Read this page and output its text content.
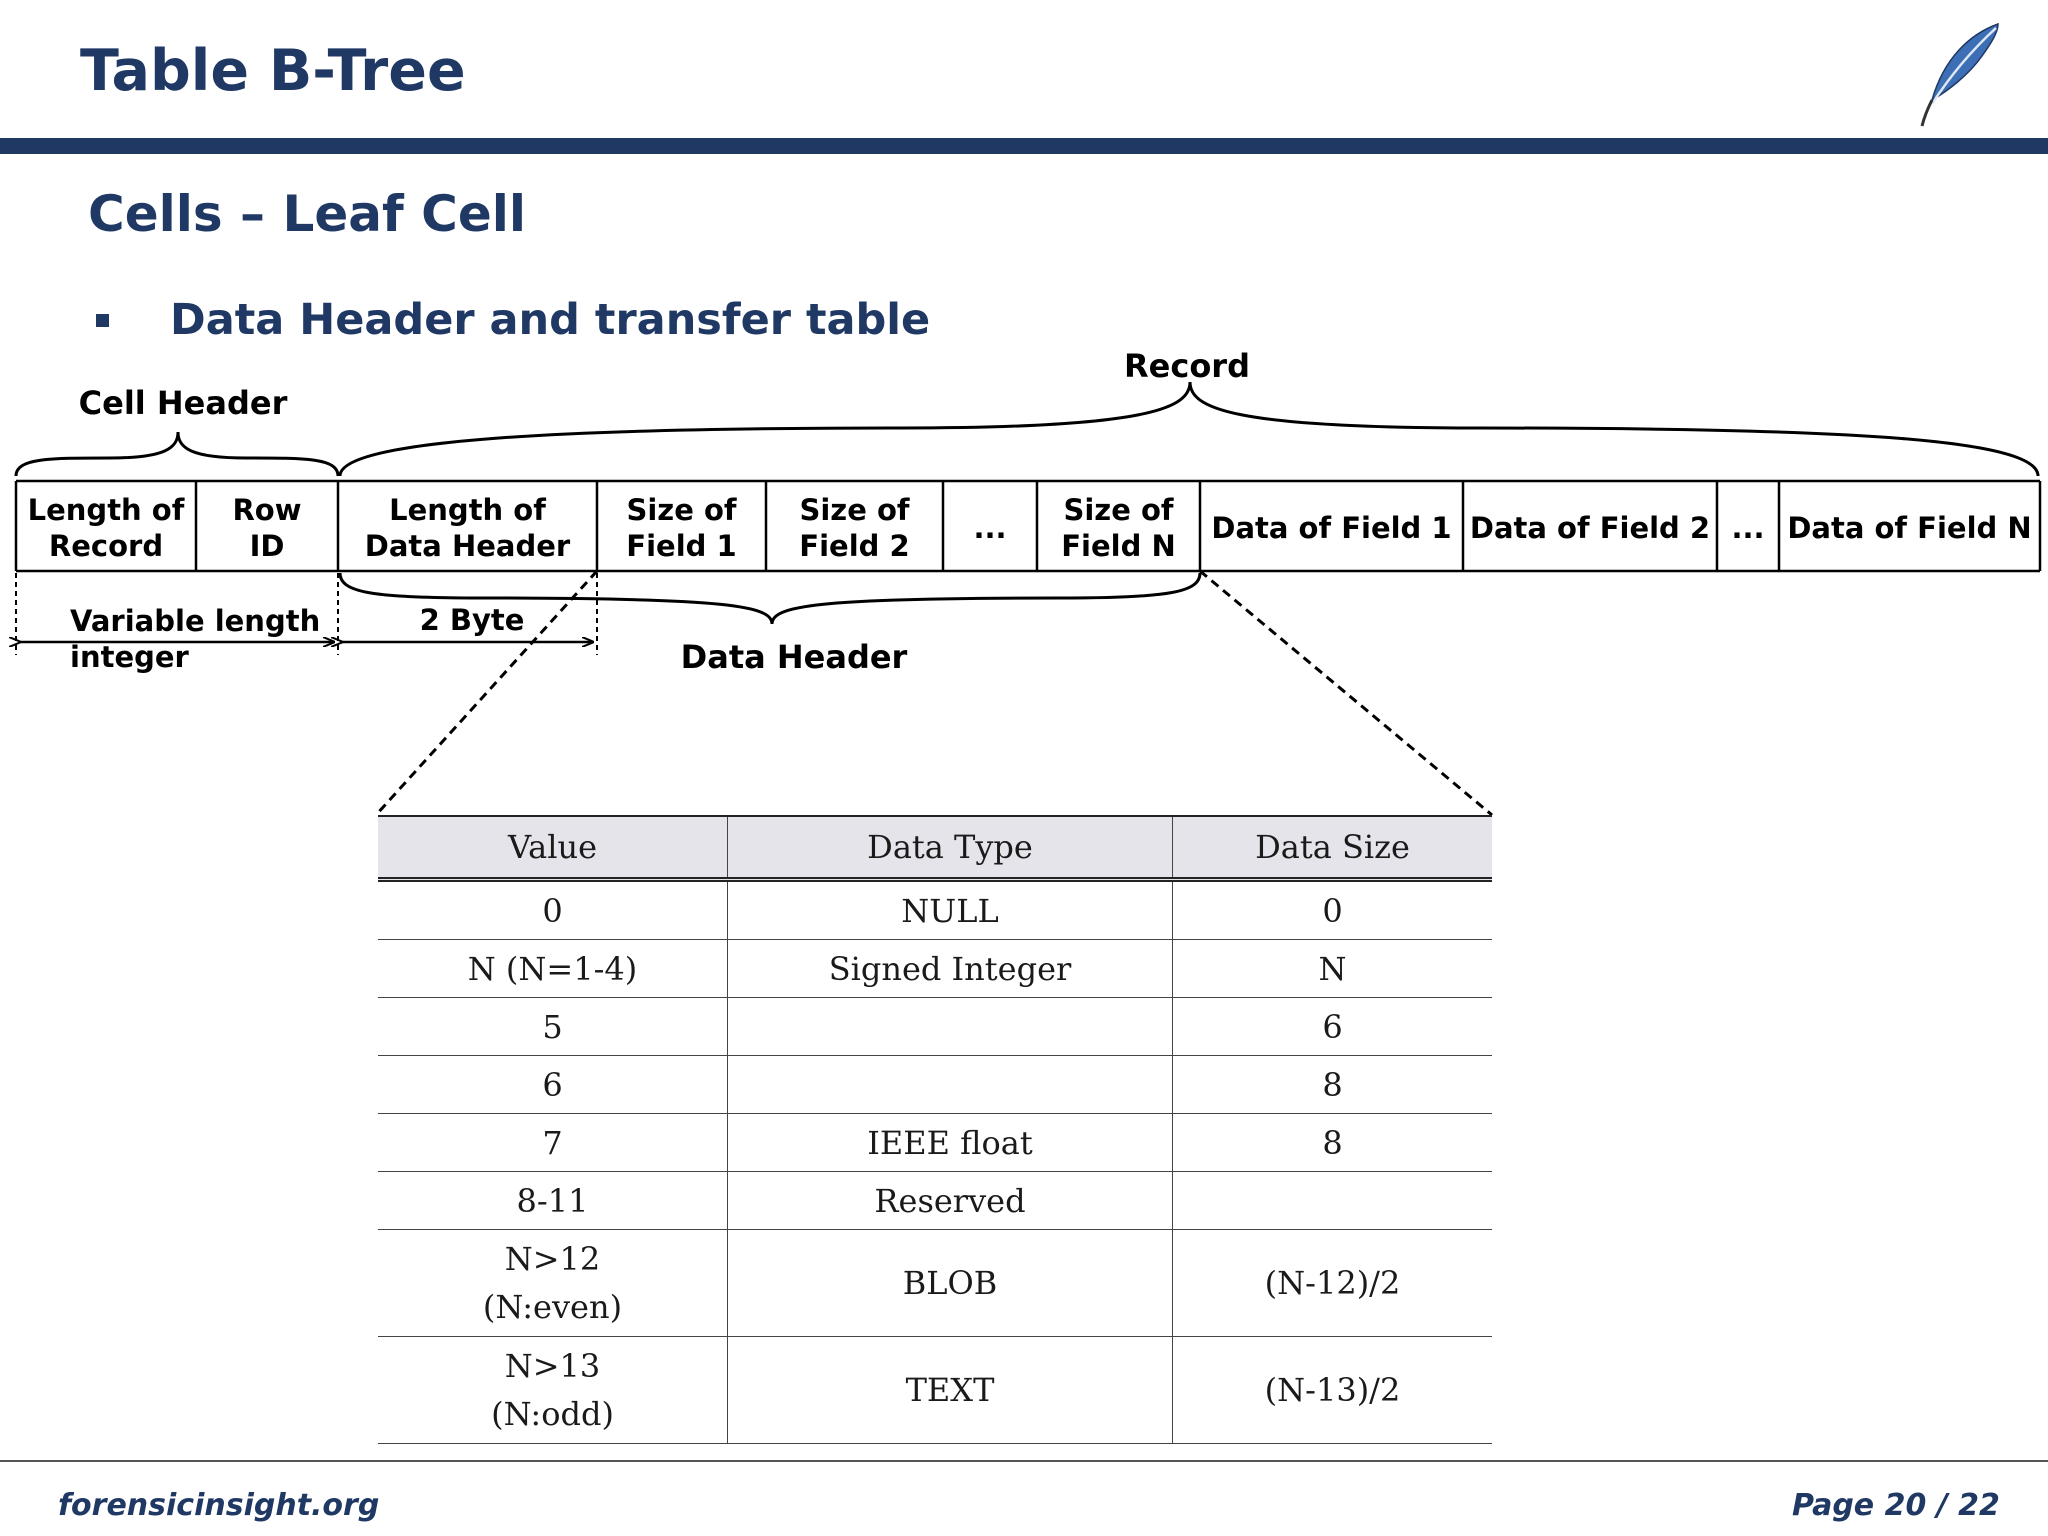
Table B-Tree
Cells – Leaf Cell
Data Header and transfer table
Record
Cell Header
Length of
Record
Row
ID
Length of
Data Header
Size of
Field 1
Size of
Field 2
...
Size of
Field N
Data of Field 1 Data of Field 2 ... Data of Field N
Data Header
Variable length
integer
2 Byte
Value	Data Type	Data Size

0	NULL	0

N (N=1-4)	Signed Integer	N

5		6

6		8

7	IEEE float	8

8-11	Reserved	

N>12
(N:even)	BLOB	(N-12)/2

N>13
(N:odd)	TEXT	(N-13)/2
forensicinsight.org	Page 20 / 22
